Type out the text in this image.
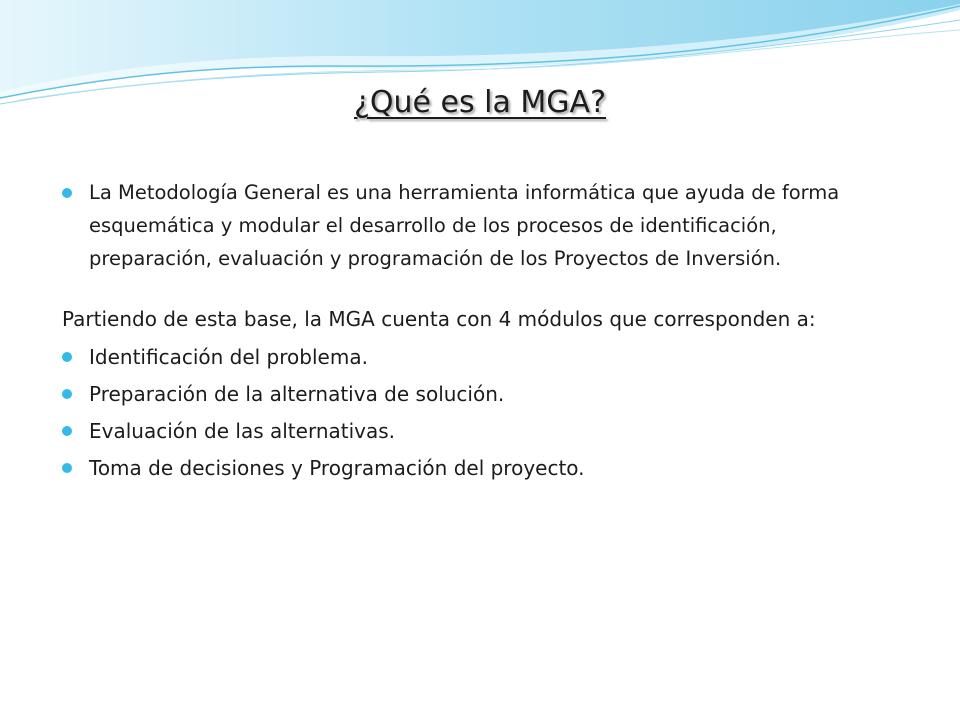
¿Qué es la MGA?
La Metodología General es una herramienta informática que ayuda de forma esquemática y modular el desarrollo de los procesos de identificación, preparación, evaluación y programación de los Proyectos de Inversión.
Partiendo de esta base, la MGA cuenta con 4 módulos que corresponden a:
Identificación del problema.
Preparación de la alternativa de solución.
Evaluación de las alternativas.
Toma de decisiones y Programación del proyecto.
